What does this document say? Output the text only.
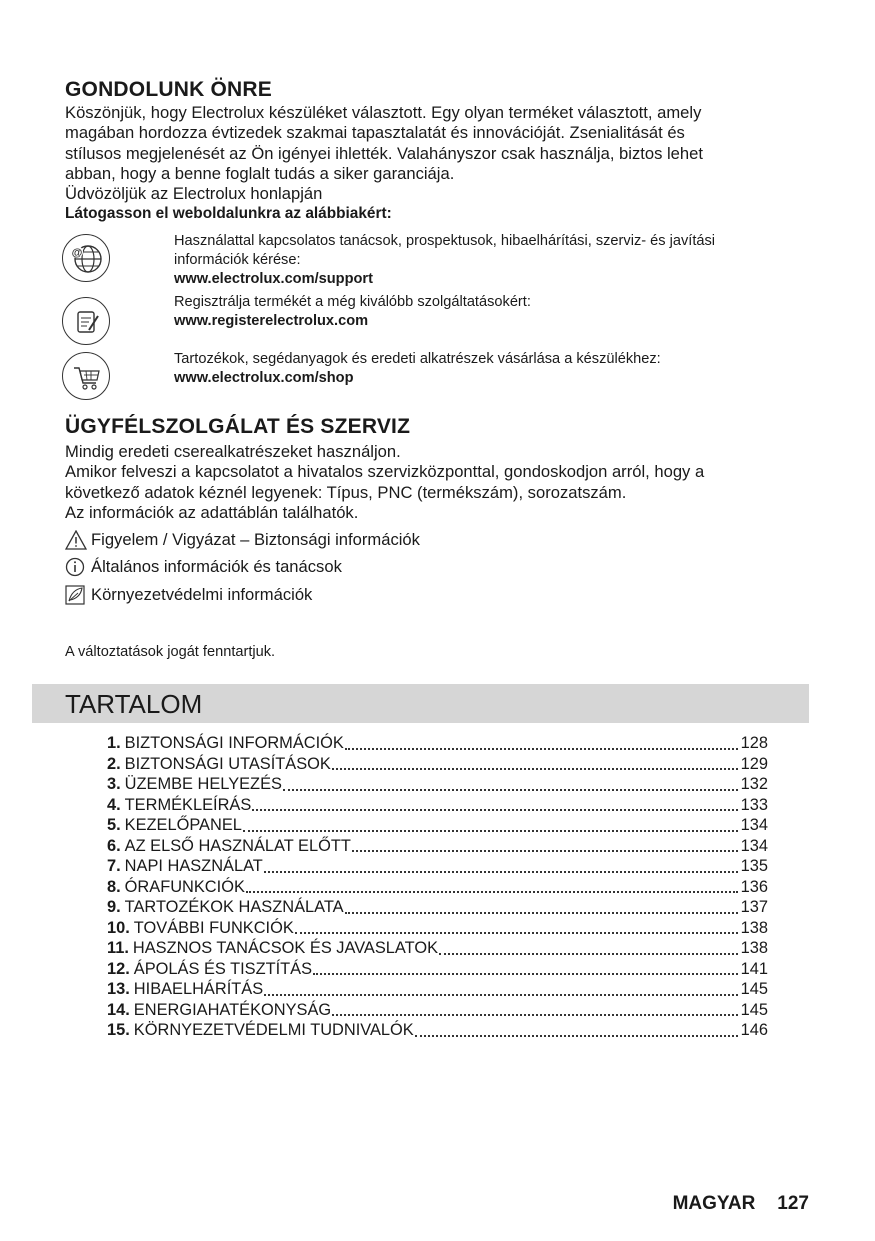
GONDOLUNK ÖNRE
Köszönjük, hogy Electrolux készüléket választott. Egy olyan terméket választott, amely
magában hordozza évtizedek szakmai tapasztalatát és innovációját. Zsenialitását és
stílusos megjelenését az Ön igényei ihlették. Valahányszor csak használja, biztos lehet
abban, hogy a benne foglalt tudás a siker garanciája.
Üdvözöljük az Electrolux honlapján
Látogasson el weboldalunkra az alábbiakért:
@
Használattal kapcsolatos tanácsok, prospektusok, hibaelhárítási, szerviz- és javítási
információk kérése:
www.electrolux.com/support
Regisztrálja termékét a még kiválóbb szolgáltatásokért:
www.registerelectrolux.com
Tartozékok, segédanyagok és eredeti alkatrészek vásárlása a készülékhez:
www.electrolux.com/shop
ÜGYFÉLSZOLGÁLAT ÉS SZERVIZ
Mindig eredeti cserealkatrészeket használjon.
Amikor felveszi a kapcsolatot a hivatalos szervizközponttal, gondoskodjon arról, hogy a
következő adatok kéznél legyenek: Típus, PNC (termékszám), sorozatszám.
Az információk az adattáblán találhatók.
Figyelem / Vigyázat – Biztonsági információk
Általános információk és tanácsok
Környezetvédelmi információk
A változtatások jogát fenntartjuk.
TARTALOM
1. BIZTONSÁGI INFORMÁCIÓK	128
2. BIZTONSÁGI UTASÍTÁSOK	129
3. ÜZEMBE HELYEZÉS	132
4. TERMÉKLEÍRÁS	133
5. KEZELŐPANEL	134
6. AZ ELSŐ HASZNÁLAT ELŐTT	134
7. NAPI HASZNÁLAT	135
8. ÓRAFUNKCIÓK	136
9. TARTOZÉKOK HASZNÁLATA	137
10. TOVÁBBI FUNKCIÓK	138
11. HASZNOS TANÁCSOK ÉS JAVASLATOK	138
12. ÁPOLÁS ÉS TISZTÍTÁS	141
13. HIBAELHÁRÍTÁS	145
14. ENERGIAHATÉKONYSÁG	145
15. KÖRNYEZETVÉDELMI TUDNIVALÓK	146
MAGYAR 127
